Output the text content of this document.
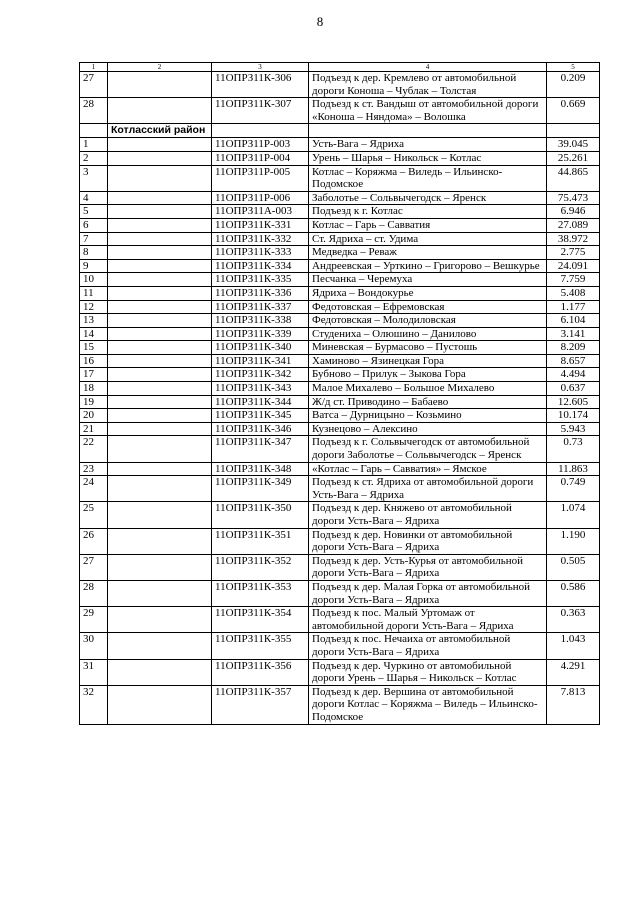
8
1	2	3	4	5
27		11ОПРЗ11К-306	Подъезд к дер. Кремлево от автомобильной дороги Коноша – Чублак – Толстая	0.209
28		11ОПРЗ11К-307	Подъезд к ст. Вандыш от автомобильной дороги «Коноша – Няндома» – Волошка	0.669
	Котласский район			
1		11ОПРЗ11Р-003	Усть-Вага – Ядриха	39.045
2		11ОПРЗ11Р-004	Урень – Шарья – Никольск – Котлас	25.261
3		11ОПРЗ11Р-005	Котлас – Коряжма – Виледь – Ильинско-Подомское	44.865
4		11ОПРЗ11Р-006	Заболотье – Сольвычегодск – Яренск	75.473
5		11ОПРЗ11А-003	Подъезд к г. Котлас	6.946
6		11ОПРЗ11К-331	Котлас – Гарь – Савватия	27.089
7		11ОПРЗ11К-332	Ст. Ядриха – ст. Удима	38.972
8		11ОПРЗ11К-333	Медведка – Реваж	2.775
9		11ОПРЗ11К-334	Андреевская – Урткино – Григорово – Вешкурье	24.091
10		11ОПРЗ11К-335	Песчанка – Черемуха	7.759
11		11ОПРЗ11К-336	Ядриха – Вондокурье	5.408
12		11ОПРЗ11К-337	Федотовская – Ефремовская	1.177
13		11ОПРЗ11К-338	Федотовская – Молодиловская	6.104
14		11ОПРЗ11К-339	Студениха – Олюшино – Данилово	3.141
15		11ОПРЗ11К-340	Миневская – Бурмасово – Пустошь	8.209
16		11ОПРЗ11К-341	Хаминово – Язинецкая Гора	8.657
17		11ОПРЗ11К-342	Бубново – Прилук – Зыкова Гора	4.494
18		11ОПРЗ11К-343	Малое Михалево – Большое Михалево	0.637
19		11ОПРЗ11К-344	Ж/д ст. Приводино – Бабаево	12.605
20		11ОПРЗ11К-345	Ватса – Дурницыно – Козьмино	10.174
21		11ОПРЗ11К-346	Кузнецово – Алексино	5.943
22		11ОПРЗ11К-347	Подъезд к г. Сольвычегодск от автомобильной дороги Заболотье – Сольвычегодск – Яренск	0.73
23		11ОПРЗ11К-348	«Котлас – Гарь – Савватия» – Ямское	11.863
24		11ОПРЗ11К-349	Подъезд к ст. Ядриха от автомобильной дороги Усть-Вага – Ядриха	0.749
25		11ОПРЗ11К-350	Подъезд к дер. Княжево от автомобильной дороги Усть-Вага – Ядриха	1.074
26		11ОПРЗ11К-351	Подъезд к дер. Новинки от автомобильной дороги Усть-Вага – Ядриха	1.190
27		11ОПРЗ11К-352	Подъезд к дер. Усть-Курья от автомобильной дороги Усть-Вага – Ядриха	0.505
28		11ОПРЗ11К-353	Подъезд к дер. Малая Горка от автомобильной дороги Усть-Вага – Ядриха	0.586
29		11ОПРЗ11К-354	Подъезд к пос. Малый Уртомаж от автомобильной дороги Усть-Вага – Ядриха	0.363
30		11ОПРЗ11К-355	Подъезд к пос. Нечаиха от автомобильной дороги Усть-Вага – Ядриха	1.043
31		11ОПРЗ11К-356	Подъезд к дер. Чуркино от автомобильной дороги Урень – Шарья – Никольск – Котлас	4.291
32		11ОПРЗ11К-357	Подъезд к дер. Вершина от автомобильной дороги Котлас – Коряжма – Виледь – Ильинско-Подомское	7.813
